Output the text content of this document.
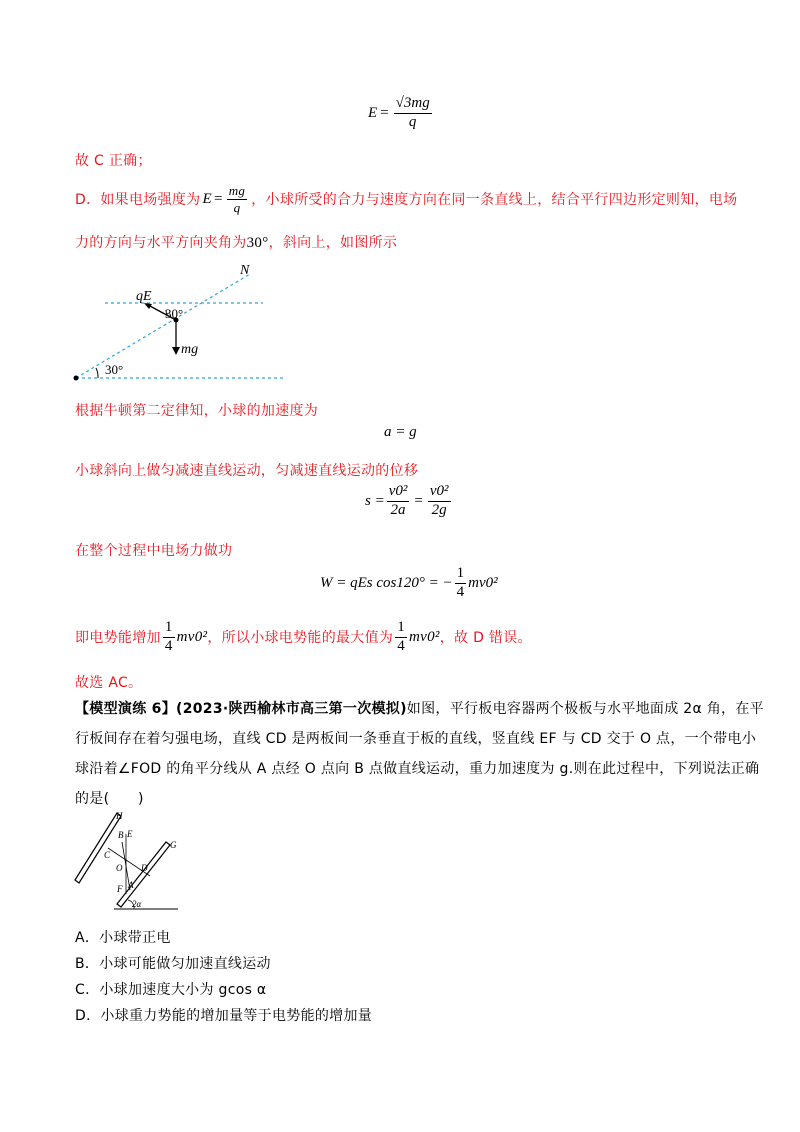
$E = \frac{√3mg}{q}$
故 C 正确；
D．如果电场强度为 $E = \frac{mg}{q}$ ，小球所受的合力与速度方向在同一条直线上，结合平行四边形定则知，电场
力的方向与水平方向夹角为30°，斜向上，如图所示
N
qE
30°
mg
30°
根据牛顿第二定律知，小球的加速度为
a = g
小球斜向上做匀减速直线运动，匀减速直线运动的位移
$s = \frac{\text{v0²}}{2a} = \frac{\text{v0²}}{2g}$
在整个过程中电场力做功
W = qEs cos120° = − $\frac{1}{4} mv0^2$
即电势能增加 $\frac{1}{4} mv0^2$ ，所以小球电势能的最大值为 $\frac{1}{4} mv0^2$ ，故 D 错误。
故选 AC。
【模型演练 6】(2023·陕西榆林市高三第一次模拟)如图，平行板电容器两个极板与水平地面成 2α 角，在平
行板间存在着匀强电场，直线 CD 是两板间一条垂直于板的直线，竖直线 EF 与 CD 交于 O 点，一个带电小
球沿着∠FOD 的角平分线从 A 点经 O 点向 B 点做直线运动，重力加速度为 g.则在此过程中，下列说法正确
的是(　　)
H
B E
C
O D
F A
G
2α
A．小球带正电
B．小球可能做匀加速直线运动
C．小球加速度大小为 gcos α
D．小球重力势能的增加量等于电势能的增加量
